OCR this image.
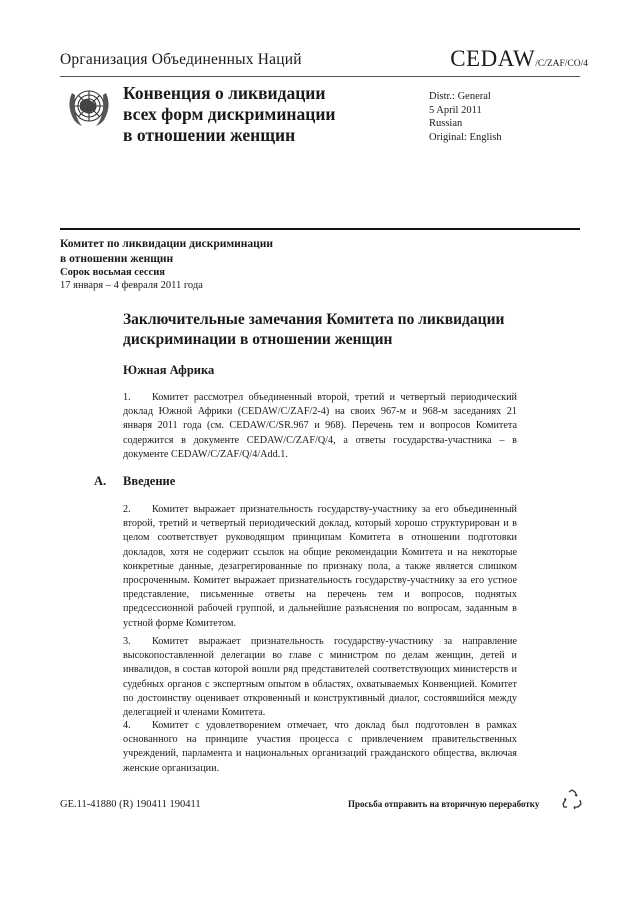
Организация Объединенных Наций	CEDAW/C/ZAF/CO/4
Конвенция о ликвидации
всех форм дискриминации
в отношении женщин
Distr.: General
5 April 2011
Russian
Original: English
Комитет по ликвидации дискриминации
в отношении женщин
Сорок восьмая сессия
17 января – 4 февраля 2011 года
Заключительные замечания Комитета по ликвидации
дискриминации в отношении женщин
Южная Африка
1. Комитет рассмотрел объединенный второй, третий и четвертый периодический доклад Южной Африки (CEDAW/C/ZAF/2-4) на своих 967-м и 968-м заседаниях 21 января 2011 года (см. CEDAW/C/SR.967 и 968). Перечень тем и вопросов Комитета содержится в документе CEDAW/C/ZAF/Q/4, а ответы государства-участника – в документе CEDAW/C/ZAF/Q/4/Add.1.
A. Введение
2. Комитет выражает признательность государству-участнику за его объединенный второй, третий и четвертый периодический доклад, который хорошо структурирован и в целом соответствует руководящим принципам Комитета в отношении подготовки докладов, хотя не содержит ссылок на общие рекомендации Комитета и на некоторые конкретные данные, дезагрегированные по признаку пола, а также является слишком просроченным. Комитет выражает признательность государству-участнику за его устное представление, письменные ответы на перечень тем и вопросов, поднятых предсессионной рабочей группой, и дальнейшие разъяснения по вопросам, заданным в устной форме Комитетом.
3. Комитет выражает признательность государству-участнику за направление высокопоставленной делегации во главе с министром по делам женщин, детей и инвалидов, в состав которой вошли ряд представителей соответствующих министерств и судебных органов с экспертным опытом в областях, охватываемых Конвенцией. Комитет по достоинству оценивает откровенный и конструктивный диалог, состоявшийся между делегацией и членами Комитета.
4. Комитет с удовлетворением отмечает, что доклад был подготовлен в рамках основанного на принципе участия процесса с привлечением правительственных учреждений, парламента и национальных организаций гражданского общества, включая женские организации.
GE.11-41880 (R) 190411 190411	Просьба отправить на вторичную переработку
